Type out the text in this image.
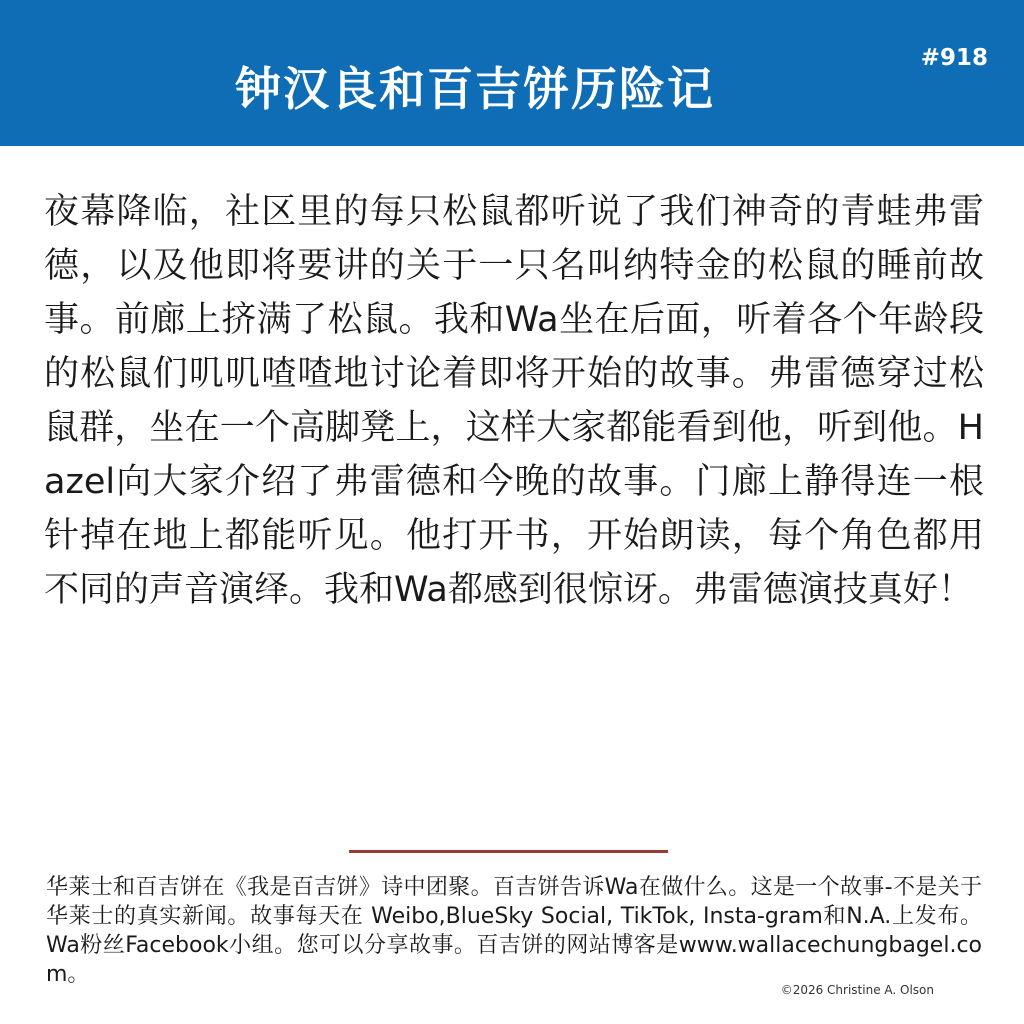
钟汉良和百吉饼历险记
#918
夜幕降临，社区里的每只松鼠都听说了我们神奇的青蛙弗雷德，以及他即将要讲的关于一只名叫纳特金的松鼠的睡前故事。前廊上挤满了松鼠。我和Wa坐在后面，听着各个年龄段的松鼠们叽叽喳喳地讨论着即将开始的故事。弗雷德穿过松鼠群，坐在一个高脚凳上，这样大家都能看到他，听到他。Hazel向大家介绍了弗雷德和今晚的故事。门廊上静得连一根针掉在地上都能听见。他打开书，开始朗读，每个角色都用不同的声音演绎。我和Wa都感到很惊讶。弗雷德演技真好！
华莱士和百吉饼在《我是百吉饼》诗中团聚。百吉饼告诉Wa在做什么。这是一个故事-不是关于华莱士的真实新闻。故事每天在 Weibo,BlueSky Social, TikTok, Insta-gram和N.A.上发布。Wa粉丝Facebook小组。您可以分享故事。百吉饼的网站博客是www.wallacechungbagel.com。
©2026 Christine A. Olson
